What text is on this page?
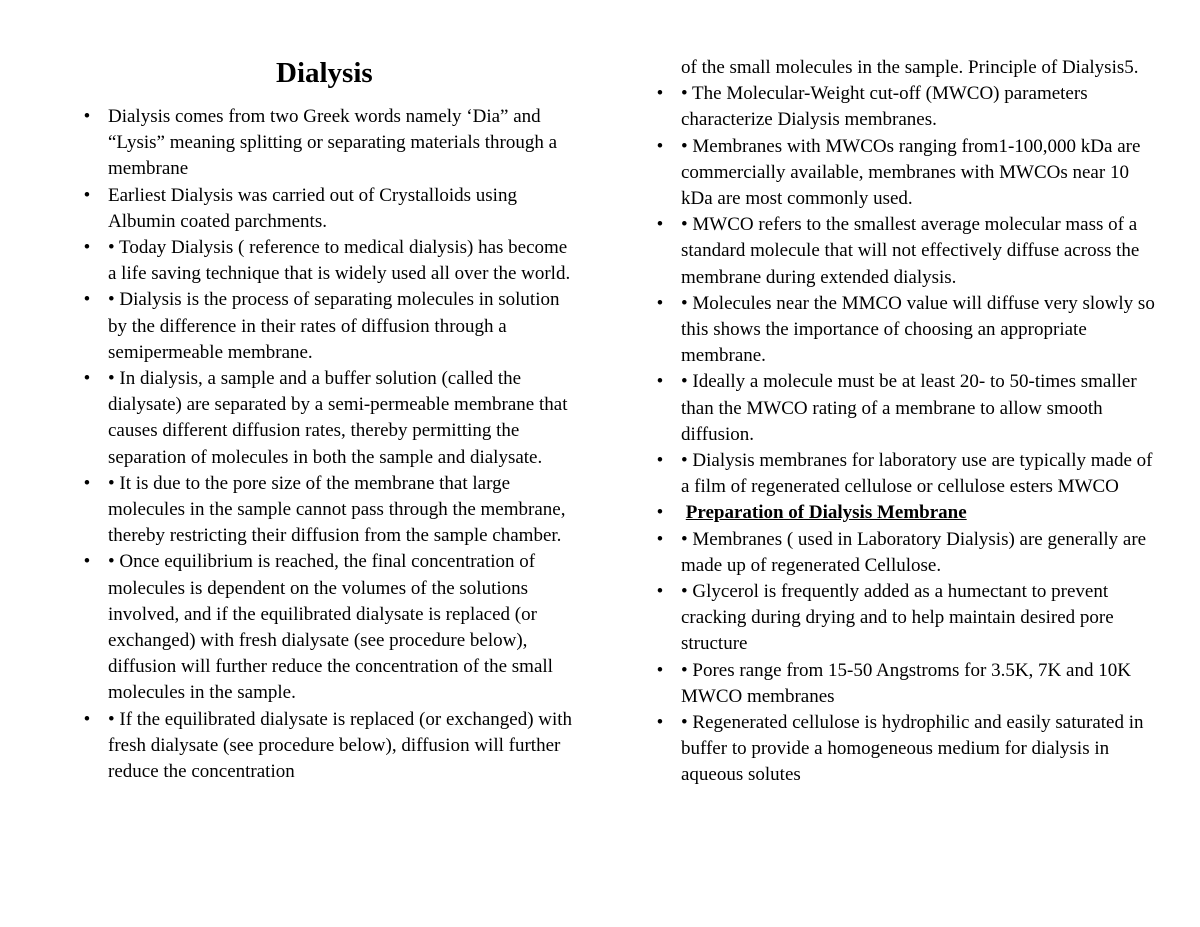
Dialysis
• Dialysis comes from two Greek words namely ‘Dia” and “Lysis” meaning splitting or separating materials through a membrane
• Earliest Dialysis was carried out of Crystalloids using Albumin coated parchments.
• • Today Dialysis ( reference to medical dialysis) has become a life saving technique that is widely used all over the world.
• • Dialysis is the process of separating molecules in solution by the difference in their rates of diffusion through a semipermeable membrane.
• • In dialysis, a sample and a buffer solution (called the dialysate) are separated by a semi-permeable membrane that causes different diffusion rates, thereby permitting the separation of molecules in both the sample and dialysate.
• • It is due to the pore size of the membrane that large molecules in the sample cannot pass through the membrane, thereby restricting their diffusion from the sample chamber.
• • Once equilibrium is reached, the final concentration of molecules is dependent on the volumes of the solutions involved, and if the equilibrated dialysate is replaced (or exchanged) with fresh dialysate (see procedure below), diffusion will further reduce the concentration of the small molecules in the sample.
• • If the equilibrated dialysate is replaced (or exchanged) with fresh dialysate (see procedure below), diffusion will further reduce the concentration

of the small molecules in the sample. Principle of Dialysis5.

• • The Molecular-Weight cut-off (MWCO) parameters characterize Dialysis membranes.
• • Membranes with MWCOs ranging from1-100,000 kDa are commercially available, membranes with MWCOs near 10 kDa are most commonly used.
• • MWCO refers to the smallest average molecular mass of a standard molecule that will not effectively diffuse across the membrane during extended dialysis.
• • Molecules near the MMCO value will diffuse very slowly so this shows the importance of choosing an appropriate membrane.
• • Ideally a molecule must be at least 20- to 50-times smaller than the MWCO rating of a membrane to allow smooth diffusion.
• • Dialysis membranes for laboratory use are typically made of a film of regenerated cellulose or cellulose esters MWCO
• Preparation of Dialysis Membrane
• • Membranes ( used in Laboratory Dialysis) are generally are made up of regenerated Cellulose.
• • Glycerol is frequently added as a humectant to prevent cracking during drying and to help maintain desired pore structure
• • Pores range from 15-50 Angstroms for 3.5K, 7K and 10K MWCO membranes
• • Regenerated cellulose is hydrophilic and easily saturated in buffer to provide a homogeneous medium for dialysis in aqueous solutes
